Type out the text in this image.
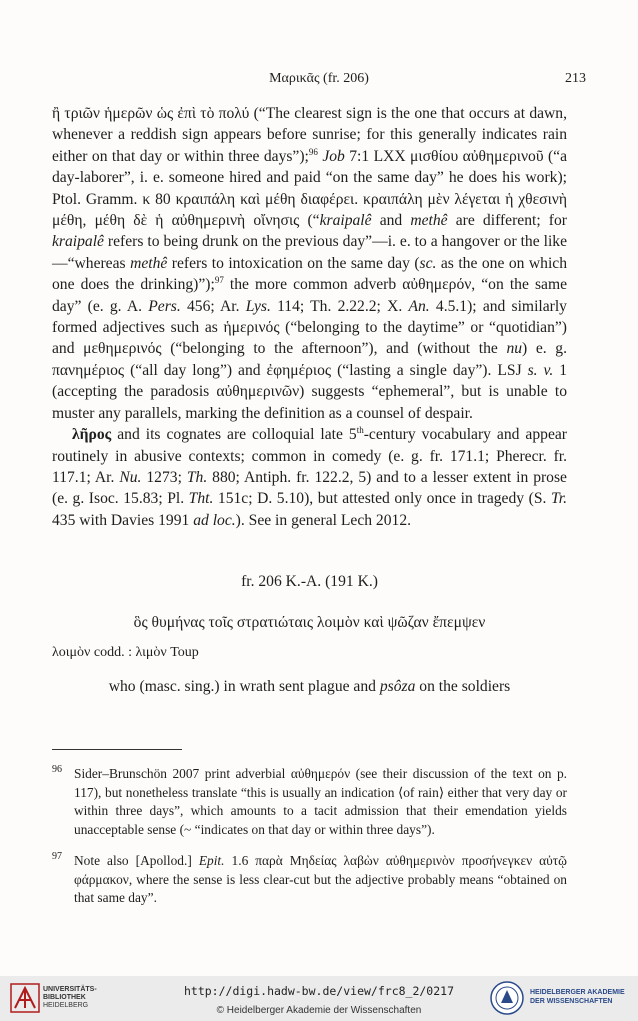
Μαρικᾶς (fr. 206)	213

ἢ τριῶν ἡμερῶν ὡς ἐπὶ τὸ πολύ (“The clearest sign is the one that occurs at dawn, whenever a reddish sign appears before sunrise; for this generally indicates rain either on that day or within three days”);$^{96}$ Job 7:1 LXX μισθίου αὐθημερινοῦ (“a day-laborer”, i. e. someone hired and paid “on the same day” he does his work); Ptol. Gramm. κ 80 κραιπάλη καὶ μέθη διαφέρει. κραιπάλη μὲν λέγεται ἡ χθεσινὴ μέθη, μέθη δὲ ἡ αὐθημερινὴ οἴνησις (“kraipalê and methê are different; for kraipalê refers to being drunk on the previous day”—i. e. to a hangover or the like—“whereas methê refers to intoxication on the same day (sc. as the one on which one does the drinking)”);$^{97}$ the more common adverb αὐθημερόν, “on the same day” (e. g. A. Pers. 456; Ar. Lys. 114; Th. 2.22.2; X. An. 4.5.1); and similarly formed adjectives such as ἡμερινός (“belonging to the daytime” or “quotidian”) and μεθημερινός (“belonging to the afternoon”), and (without the nu) e. g. πανημέριος (“all day long”) and ἐφημέριος (“lasting a single day”). LSJ s. v. 1 (accepting the paradosis αὐθημερινῶν) suggests “ephemeral”, but is unable to muster any parallels, marking the definition as a counsel of despair.

λῆρος and its cognates are colloquial late 5th-century vocabulary and appear routinely in abusive contexts; common in comedy (e. g. fr. 171.1; Pherecr. fr. 117.1; Ar. Nu. 1273; Th. 880; Antiph. fr. 122.2, 5) and to a lesser extent in prose (e. g. Isoc. 15.83; Pl. Tht. 151c; D. 5.10), but attested only once in tragedy (S. Tr. 435 with Davies 1991 ad loc.). See in general Lech 2012.

fr. 206 K.-A. (191 K.)
ὃς θυμήνας τοῖς στρατιώταις λοιμὸν καὶ ψῶζαν ἔπεμψεν
λοιμὸν codd. : λιμὸν Toup
who (masc. sing.) in wrath sent plague and psôza on the soldiers
96 Sider–Brunschön 2007 print adverbial αὐθημερόν (see their discussion of the text on p. 117), but nonetheless translate “this is usually an indication ⟨of rain⟩ either that very day or within three days”, which amounts to a tacit admission that their emendation yields unacceptable sense (~ “indicates on that day or within three days”).
97 Note also [Apollod.] Epit. 1.6 παρὰ Μηδείας λαβὼν αὐθημερινὸν προσήνεγκεν αὐτῷ φάρμακον, where the sense is less clear-cut but the adjective probably means “obtained on that same day”.
UNIVERSITÄTS-
BIBLIOTHEK
HEIDELBERG
http://digi.hadw-bw.de/view/frc8_2/0217
© Heidelberger Akademie der Wissenschaften
HEIDELBERGER AKADEMIE
DER WISSENSCHAFTEN
